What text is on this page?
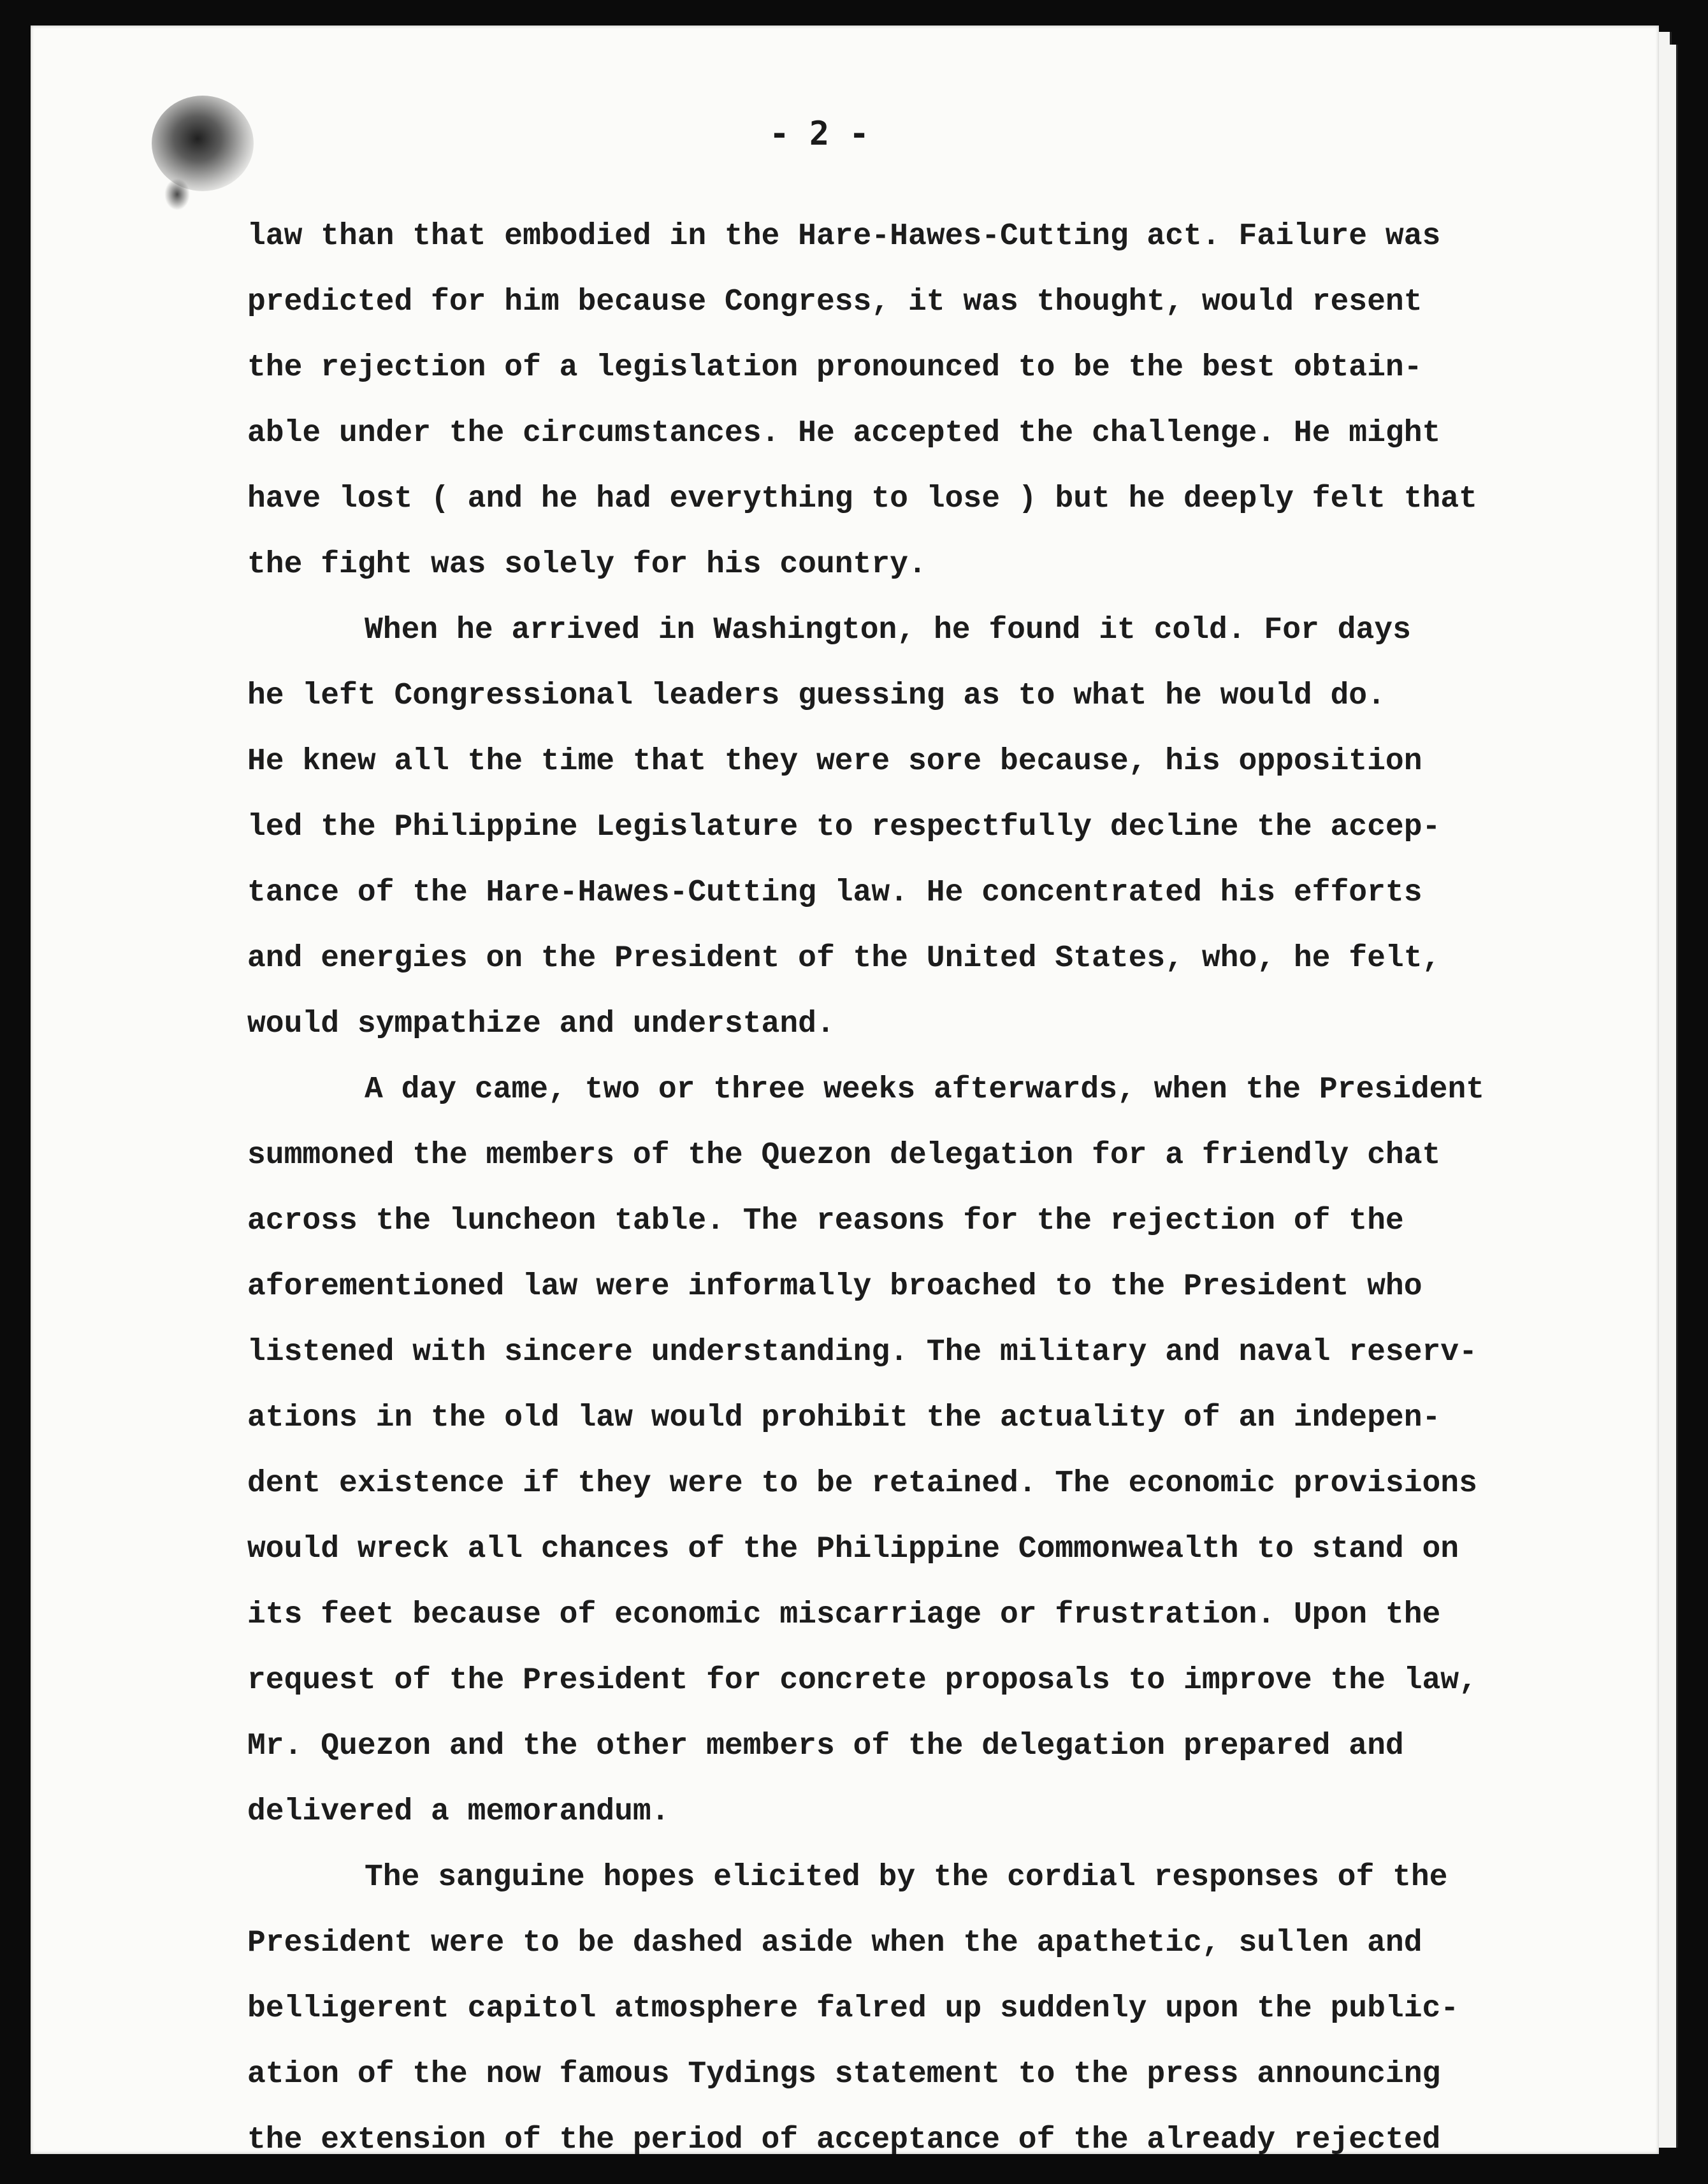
- 2 -
law than that embodied in the Hare-Hawes-Cutting act. Failure was
predicted for him because Congress, it was thought, would resent
the rejection of a legislation pronounced to be the best obtain-
able under the circumstances. He accepted the challenge. He might
have lost ( and he had everything to lose ) but he deeply felt that
the fight was solely for his country.
When he arrived in Washington, he found it cold. For days
he left Congressional leaders guessing as to what he would do.
He knew all the time that they were sore because, his opposition
led the Philippine Legislature to respectfully decline the accep-
tance of the Hare-Hawes-Cutting law. He concentrated his efforts
and energies on the President of the United States, who, he felt,
would sympathize and understand.
A day came, two or three weeks afterwards, when the President
summoned the members of the Quezon delegation for a friendly chat
across the luncheon table. The reasons for the rejection of the
aforementioned law were informally broached to the President who
listened with sincere understanding. The military and naval reserv-
ations in the old law would prohibit the actuality of an indepen-
dent existence if they were to be retained. The economic provisions
would wreck all chances of the Philippine Commonwealth to stand on
its feet because of economic miscarriage or frustration. Upon the
request of the President for concrete proposals to improve the law,
Mr. Quezon and the other members of the delegation prepared and
delivered a memorandum.
The sanguine hopes elicited by the cordial responses of the
President were to be dashed aside when the apathetic, sullen and
belligerent capitol atmosphere falred up suddenly upon the public-
ation of the now famous Tydings statement to the press announcing
the extension of the period of acceptance of the already rejected
